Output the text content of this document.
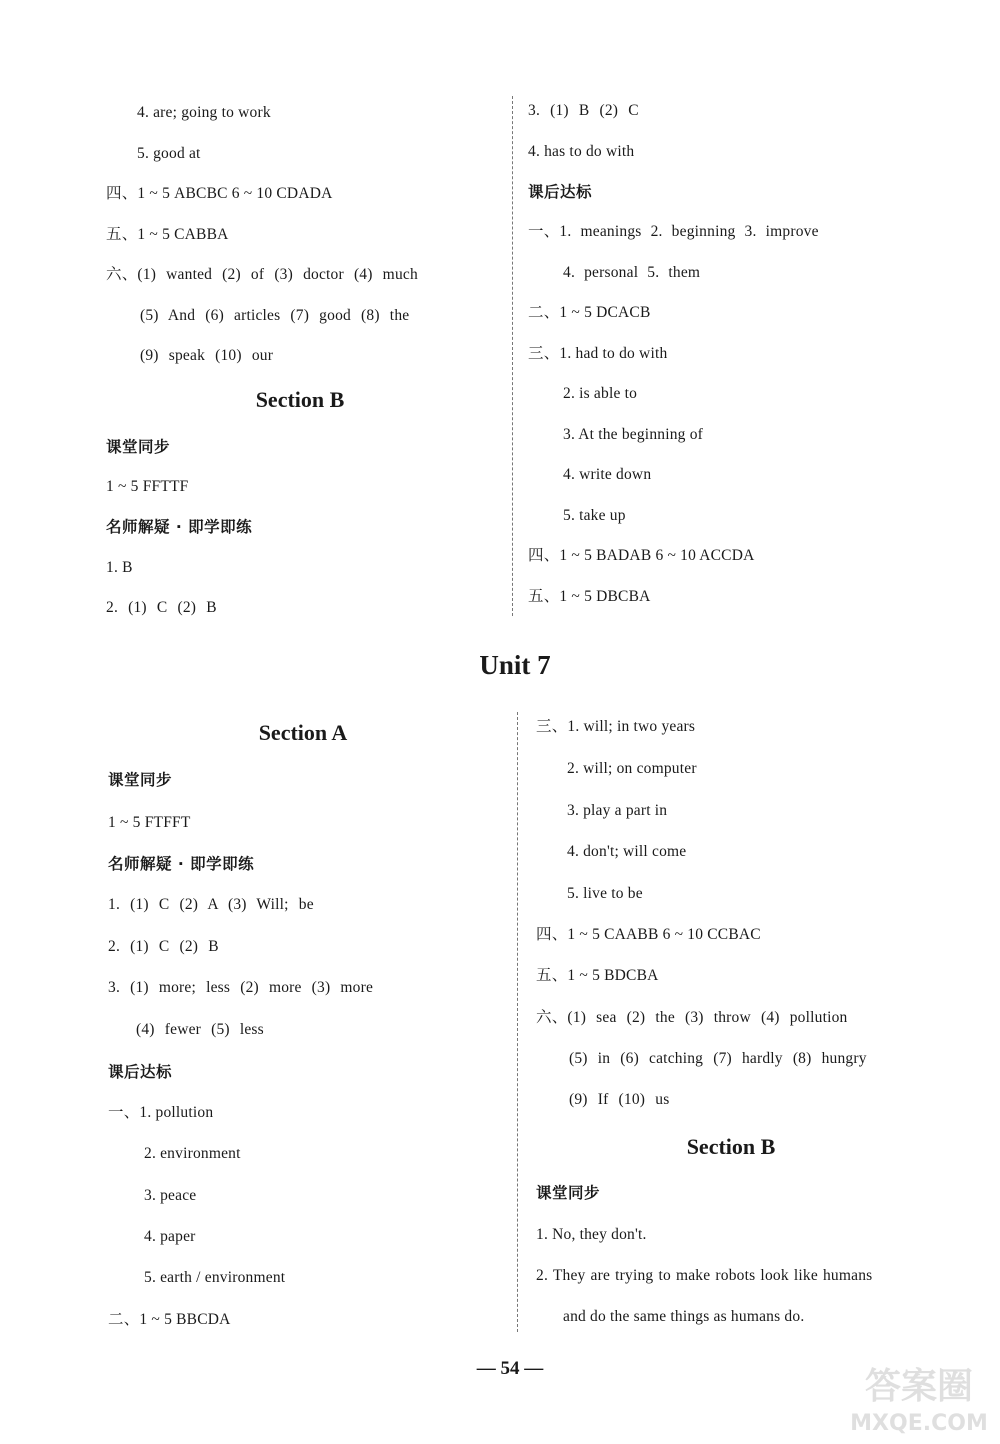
4. are; going to work
5. good at
四、1 ~ 5 ABCBC 6 ~ 10 CDADA
五、1 ~ 5 CABBA
六、(1) wanted (2) of (3) doctor (4) much
(5) And (6) articles (7) good (8) the
(9) speak (10) our
Section B
课堂同步
1 ~ 5 FFTTF
名师解疑 · 即学即练
1. B
2. (1) C (2) B
3. (1) B (2) C
4. has to do with
课后达标
一、1. meanings 2. beginning 3. improve
4. personal 5. them
二、1 ~ 5 DCACB
三、1. had to do with
2. is able to
3. At the beginning of
4. write down
5. take up
四、1 ~ 5 BADAB 6 ~ 10 ACCDA
五、1 ~ 5 DBCBA
Unit 7
Section A
课堂同步
1 ~ 5 FTFFT
名师解疑 · 即学即练
1. (1) C (2) A (3) Will; be
2. (1) C (2) B
3. (1) more; less (2) more (3) more
(4) fewer (5) less
课后达标
一、1. pollution
2. environment
3. peace
4. paper
5. earth / environment
二、1 ~ 5 BBCDA
三、1. will; in two years
2. will; on computer
3. play a part in
4. don't; will come
5. live to be
四、1 ~ 5 CAABB 6 ~ 10 CCBAC
五、1 ~ 5 BDCBA
六、(1) sea (2) the (3) throw (4) pollution
(5) in (6) catching (7) hardly (8) hungry
(9) If (10) us
Section B
课堂同步
1. No, they don't.
2. They are trying to make robots look like humans
and do the same things as humans do.
— 54 —	答案圈
MXQE.COM
